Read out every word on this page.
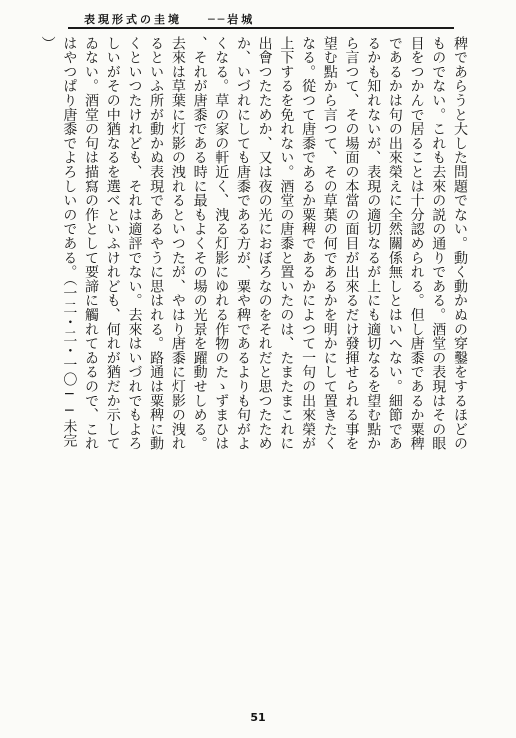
表現形式の圭境 ──岩城
稗であらうと大した問題でない。動く動かぬの穿鑿をするほどの
ものでない。これも去來の説の通りである。酒堂の表現はその眼
目をつかんで居ることは十分認められる。但し唐黍であるか粟稗
であるかは句の出來榮えに全然關係無しとはいへない。細節であ
るかも知れないが、表現の適切なるが上にも適切なるを望む點か
ら言つて、その場面の本當の面目が出來るだけ發揮せられる事を
望む點から言つて、その草葉の何であるかを明かにして置きたく
なる。從つて唐黍であるか粟稗であるかによつて一句の出來榮が
上下するを免れない。酒堂の唐黍と置いたのは、たまたまこれに
出會つたためか、又は夜の光におぼろなのをそれだと思つたため
か、いづれにしても唐黍である方が、粟や稗であるよりも句がよ
くなる。草の家の軒近く、洩る灯影にゆれる作物のたゝずまひは
、それが唐黍である時に最もよくその場の光景を躍動せしめる。
去來は草葉に灯影の洩れるといつたが、やはり唐黍に灯影の洩れ
るといふ所が動かぬ表現であるやうに思はれる。路通は粟稗に動
くといつたけれども、それは適評でない。去來はいづれでもよろ
しいがその中猶なるを選べといふけれども、何れが猶だか示して
ゐない。酒堂の句は描寫の作として要諦に觸れてゐるので、これ
はやつぱり唐黍でよろしいのである。（一二・二・一〇──未完
）
51
